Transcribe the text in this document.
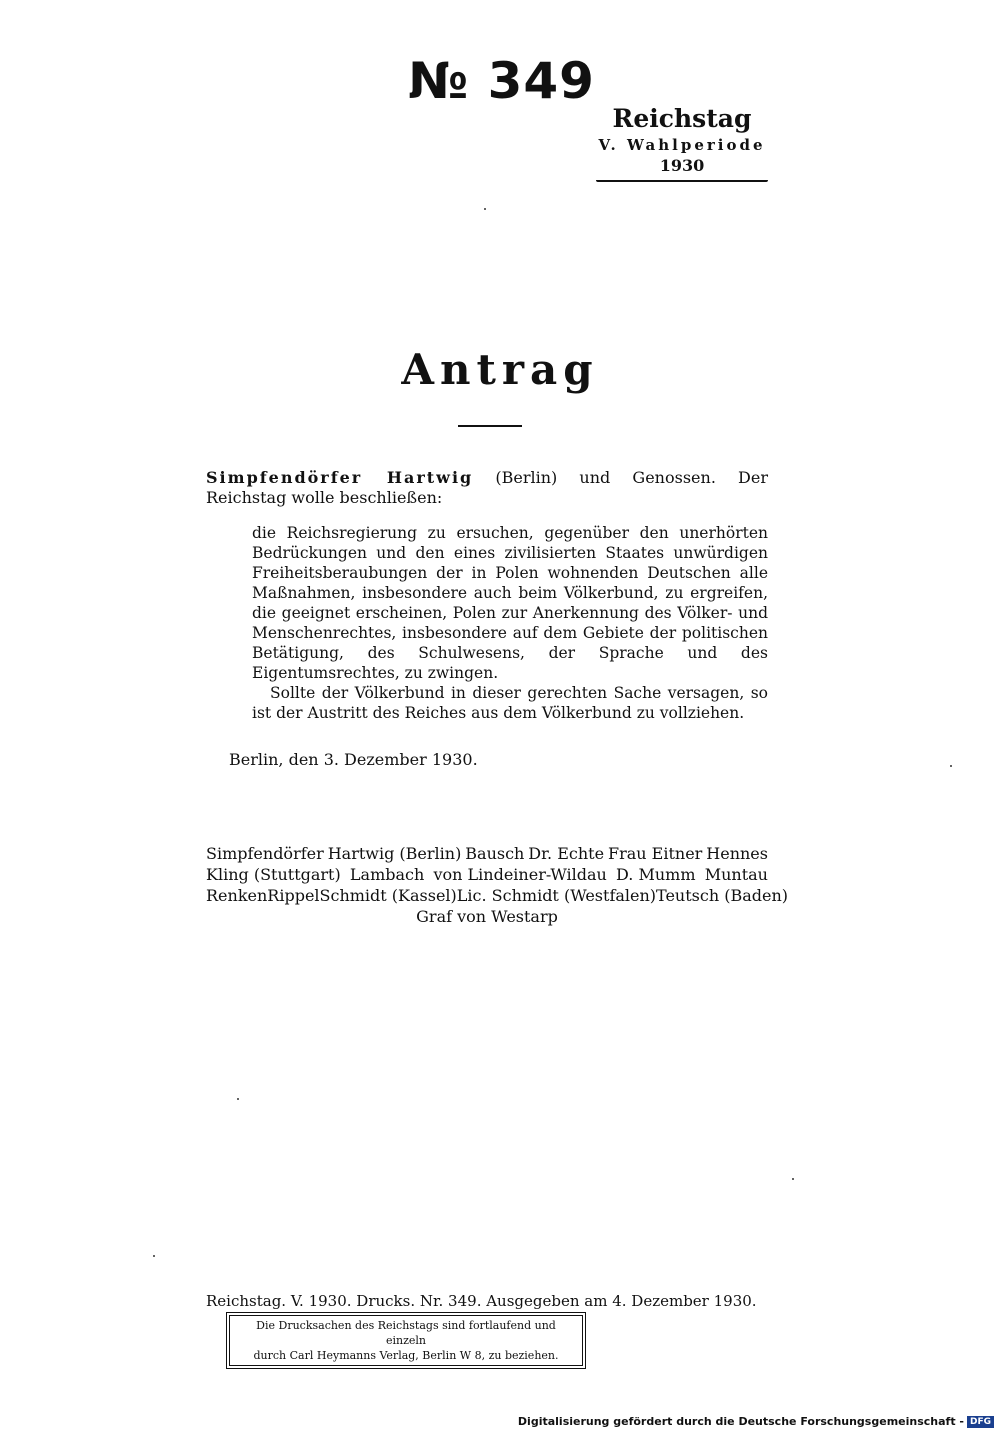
№ 349
Reichstag
V. Wahlperiode
1930
Antrag
Simpfendörfer Hartwig (Berlin) und Genossen. Der Reichstag wolle beschließen:

die Reichsregierung zu ersuchen, gegenüber den unerhörten Bedrückungen und den eines zivilisierten Staates unwürdigen Freiheitsberaubungen der in Polen wohnenden Deutschen alle Maßnahmen, insbesondere auch beim Völkerbund, zu ergreifen, die geeignet erscheinen, Polen zur Anerkennung des Völker- und Menschenrechtes, insbesondere auf dem Gebiete der politischen Betätigung, des Schulwesens, der Sprache und des Eigentumsrechtes, zu zwingen.

Sollte der Völkerbund in dieser gerechten Sache versagen, so ist der Austritt des Reiches aus dem Völkerbund zu vollziehen.

Berlin, den 3. Dezember 1930.
Simpfendörfer Hartwig (Berlin) Bausch Dr. Echte Frau Eitner Hennes
Kling (Stuttgart) Lambach von Lindeiner-Wildau D. Mumm Muntau
Renken Rippel Schmidt (Kassel) Lic. Schmidt (Westfalen) Teutsch (Baden)
Graf von Westarp
Reichstag. V. 1930. Drucks. Nr. 349. Ausgegeben am 4. Dezember 1930.
Die Drucksachen des Reichstags sind fortlaufend und einzeln
durch Carl Heymanns Verlag, Berlin W 8, zu beziehen.
Digitalisierung gefördert durch die Deutsche Forschungsgemeinschaft - DFG
